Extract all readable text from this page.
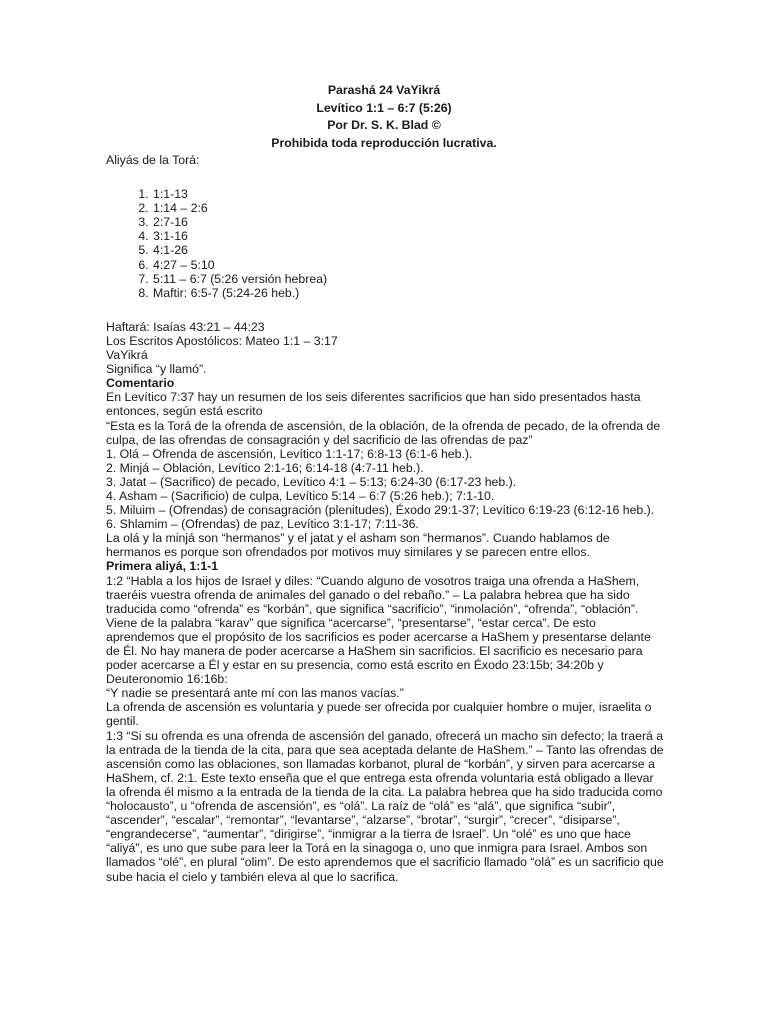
Parashá 24 VaYikrá
Levítico 1:1 – 6:7 (5:26)
Por Dr. S. K. Blad ©
Prohibida toda reproducción lucrativa.
Aliyás de la Torá:
1. 1:1-13
2. 1:14 – 2:6
3. 2:7-16
4. 3:1-16
5. 4:1-26
6. 4:27 – 5:10
7. 5:11 – 6:7 (5:26 versión hebrea)
8. Maftir: 6:5-7 (5:24-26 heb.)
Haftará: Isaías 43:21 – 44:23
Los Escritos Apostólicos: Mateo 1:1 – 3:17
VaYikrá
Significa “y llamó”.
Comentario

En Levítico 7:37 hay un resumen de los seis diferentes sacrificios que han sido presentados hasta entonces, según está escrito

“Esta es la Torá de la ofrenda de ascensión, de la oblación, de la ofrenda de pecado, de la ofrenda de culpa, de las ofrendas de consagración y del sacrificio de las ofrendas de paz”

1. Olá – Ofrenda de ascensión, Levítico 1:1-17; 6:8-13 (6:1-6 heb.).
2. Minjá – Oblación, Levítico 2:1-16; 6:14-18 (4:7-11 heb.).
3. Jatat – (Sacrifico) de pecado, Levítico 4:1 – 5:13; 6:24-30 (6:17-23 heb.).
4. Asham – (Sacrificio) de culpa, Levítico 5:14 – 6:7 (5:26 heb.); 7:1-10.
5. Miluim – (Ofrendas) de consagración (plenitudes), Éxodo 29:1-37; Levítico 6:19-23 (6:12-16 heb.).
6. Shlamim – (Ofrendas) de paz, Levítico 3:1-17; 7:11-36.

La olá y la minjá son “hermanos” y el jatat y el asham son “hermanos”. Cuando hablamos de hermanos es porque son ofrendados por motivos muy similares y se parecen entre ellos.

Primera aliyá, 1:1-1

1:2 “Habla a los hijos de Israel y diles: “Cuando alguno de vosotros traiga una ofrenda a HaShem, traeréis vuestra ofrenda de animales del ganado o del rebaño.” – La palabra hebrea que ha sido traducida como “ofrenda” es “korbán”, que significa “sacrificio”, “inmolación”, “ofrenda”, “oblación”. Viene de la palabra “karav” que significa “acercarse”, “presentarse”, “estar cerca”. De esto aprendemos que el propósito de los sacrificios es poder acercarse a HaShem y presentarse delante de Él. No hay manera de poder acercarse a HaShem sin sacrificios. El sacrificio es necesario para poder acercarse a Él y estar en su presencia, como está escrito en Éxodo 23:15b; 34:20b y Deuteronomio 16:16b:

“Y nadie se presentará ante mí con las manos vacías.”

La ofrenda de ascensión es voluntaria y puede ser ofrecida por cualquier hombre o mujer, israelita o gentil.

1:3 “Si su ofrenda es una ofrenda de ascensión del ganado, ofrecerá un macho sin defecto; la traerá a la entrada de la tienda de la cita, para que sea aceptada delante de HaShem.” – Tanto las ofrendas de ascensión como las oblaciones, son llamadas korbanot, plural de “korbán”, y sirven para acercarse a HaShem, cf. 2:1. Este texto enseña que el que entrega esta ofrenda voluntaria está obligado a llevar la ofrenda él mismo a la entrada de la tienda de la cita. La palabra hebrea que ha sido traducida como “holocausto”, u “ofrenda de ascensión”, es “olá”. La raíz de “olá” es “alá”, que significa “subir”, “ascender”, “escalar”, “remontar”, “levantarse”, “alzarse”, “brotar”, “surgir”, “crecer”, “disiparse”, “engrandecerse”, “aumentar”, “dirigirse”, “inmigrar a la tierra de Israel”. Un “olé” es uno que hace “aliyá”, es uno que sube para leer la Torá en la sinagoga o, uno que inmigra para Israel. Ambos son llamados “olé”, en plural “olim”. De esto aprendemos que el sacrificio llamado “olá” es un sacrificio que sube hacia el cielo y también eleva al que lo sacrifica.
